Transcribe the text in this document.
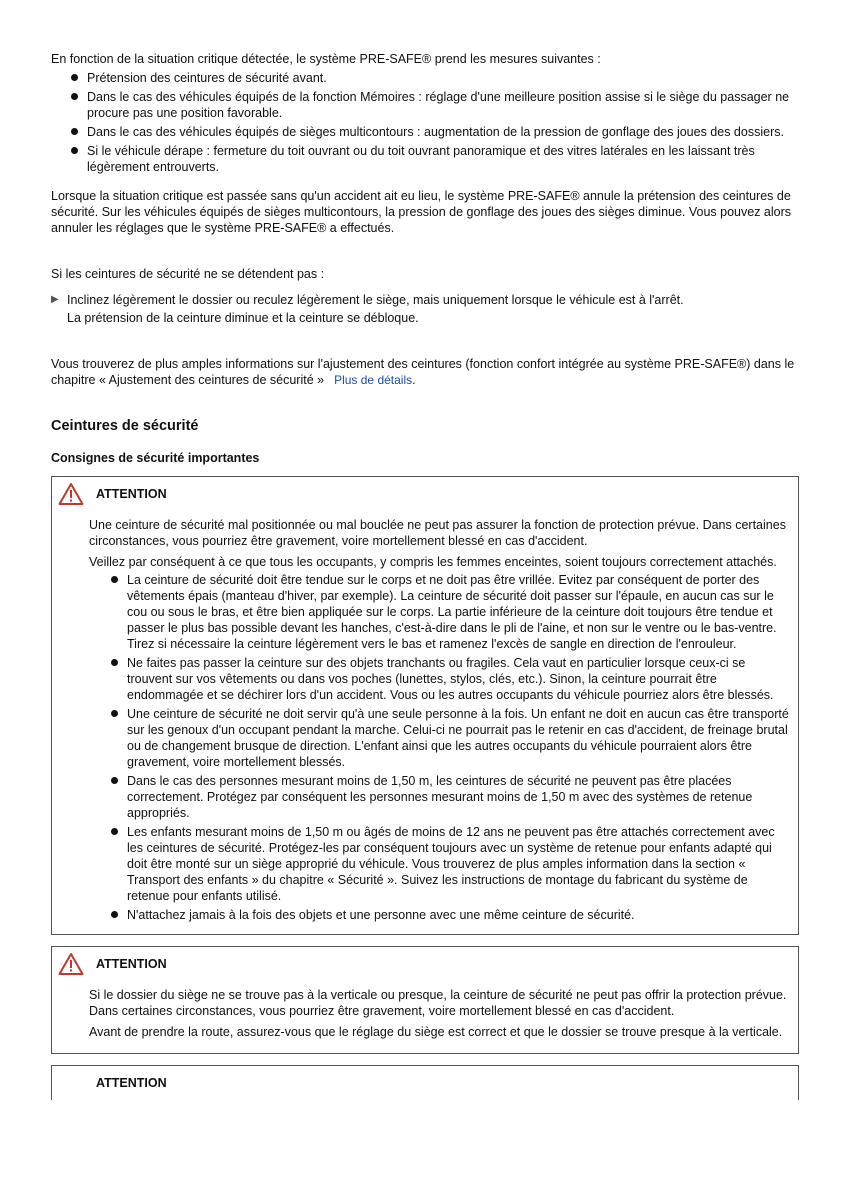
En fonction de la situation critique détectée, le système PRE-SAFE® prend les mesures suivantes :

Prétension des ceintures de sécurité avant.
Dans le cas des véhicules équipés de la fonction Mémoires : réglage d'une meilleure position assise si le siège du passager ne procure pas une position favorable.
Dans le cas des véhicules équipés de sièges multicontours : augmentation de la pression de gonflage des joues des dossiers.
Si le véhicule dérape : fermeture du toit ouvrant ou du toit ouvrant panoramique et des vitres latérales en les laissant très légèrement entrouverts.

Lorsque la situation critique est passée sans qu'un accident ait eu lieu, le système PRE-SAFE® annule la prétension des ceintures de sécurité. Sur les véhicules équipés de sièges multicontours, la pression de gonflage des joues des sièges diminue. Vous pouvez alors annuler les réglages que le système PRE-SAFE® a effectués.

Si les ceintures de sécurité ne se détendent pas :

▶ Inclinez légèrement le dossier ou reculez légèrement le siège, mais uniquement lorsque le véhicule est à l'arrêt.
La prétension de la ceinture diminue et la ceinture se débloque.

Vous trouverez de plus amples informations sur l'ajustement des ceintures (fonction confort intégrée au système PRE-SAFE®) dans le chapitre « Ajustement des ceintures de sécurité » Plus de détails.

Ceintures de sécurité
Consignes de sécurité importantes
ATTENTION

Une ceinture de sécurité mal positionnée ou mal bouclée ne peut pas assurer la fonction de protection prévue. Dans certaines circonstances, vous pourriez être gravement, voire mortellement blessé en cas d'accident.

Veillez par conséquent à ce que tous les occupants, y compris les femmes enceintes, soient toujours correctement attachés.

La ceinture de sécurité doit être tendue sur le corps et ne doit pas être vrillée. Evitez par conséquent de porter des vêtements épais (manteau d'hiver, par exemple). La ceinture de sécurité doit passer sur l'épaule, en aucun cas sur le cou ou sous le bras, et être bien appliquée sur le corps. La partie inférieure de la ceinture doit toujours être tendue et passer le plus bas possible devant les hanches, c'est-à-dire dans le pli de l'aine, et non sur le ventre ou le bas-ventre. Tirez si nécessaire la ceinture légèrement vers le bas et ramenez l'excès de sangle en direction de l'enrouleur.
Ne faites pas passer la ceinture sur des objets tranchants ou fragiles. Cela vaut en particulier lorsque ceux-ci se trouvent sur vos vêtements ou dans vos poches (lunettes, stylos, clés, etc.). Sinon, la ceinture pourrait être endommagée et se déchirer lors d'un accident. Vous ou les autres occupants du véhicule pourriez alors être blessés.
Une ceinture de sécurité ne doit servir qu'à une seule personne à la fois. Un enfant ne doit en aucun cas être transporté sur les genoux d'un occupant pendant la marche. Celui-ci ne pourrait pas le retenir en cas d'accident, de freinage brutal ou de changement brusque de direction. L'enfant ainsi que les autres occupants du véhicule pourraient alors être gravement, voire mortellement blessés.
Dans le cas des personnes mesurant moins de 1,50 m, les ceintures de sécurité ne peuvent pas être placées correctement. Protégez par conséquent les personnes mesurant moins de 1,50 m avec des systèmes de retenue appropriés.
Les enfants mesurant moins de 1,50 m ou âgés de moins de 12 ans ne peuvent pas être attachés correctement avec les ceintures de sécurité. Protégez-les par conséquent toujours avec un système de retenue pour enfants adapté qui doit être monté sur un siège approprié du véhicule. Vous trouverez de plus amples information dans la section « Transport des enfants » du chapitre « Sécurité ». Suivez les instructions de montage du fabricant du système de retenue pour enfants utilisé.
N'attachez jamais à la fois des objets et une personne avec une même ceinture de sécurité.
ATTENTION

Si le dossier du siège ne se trouve pas à la verticale ou presque, la ceinture de sécurité ne peut pas offrir la protection prévue. Dans certaines circonstances, vous pourriez être gravement, voire mortellement blessé en cas d'accident.

Avant de prendre la route, assurez-vous que le réglage du siège est correct et que le dossier se trouve presque à la verticale.

ATTENTION
